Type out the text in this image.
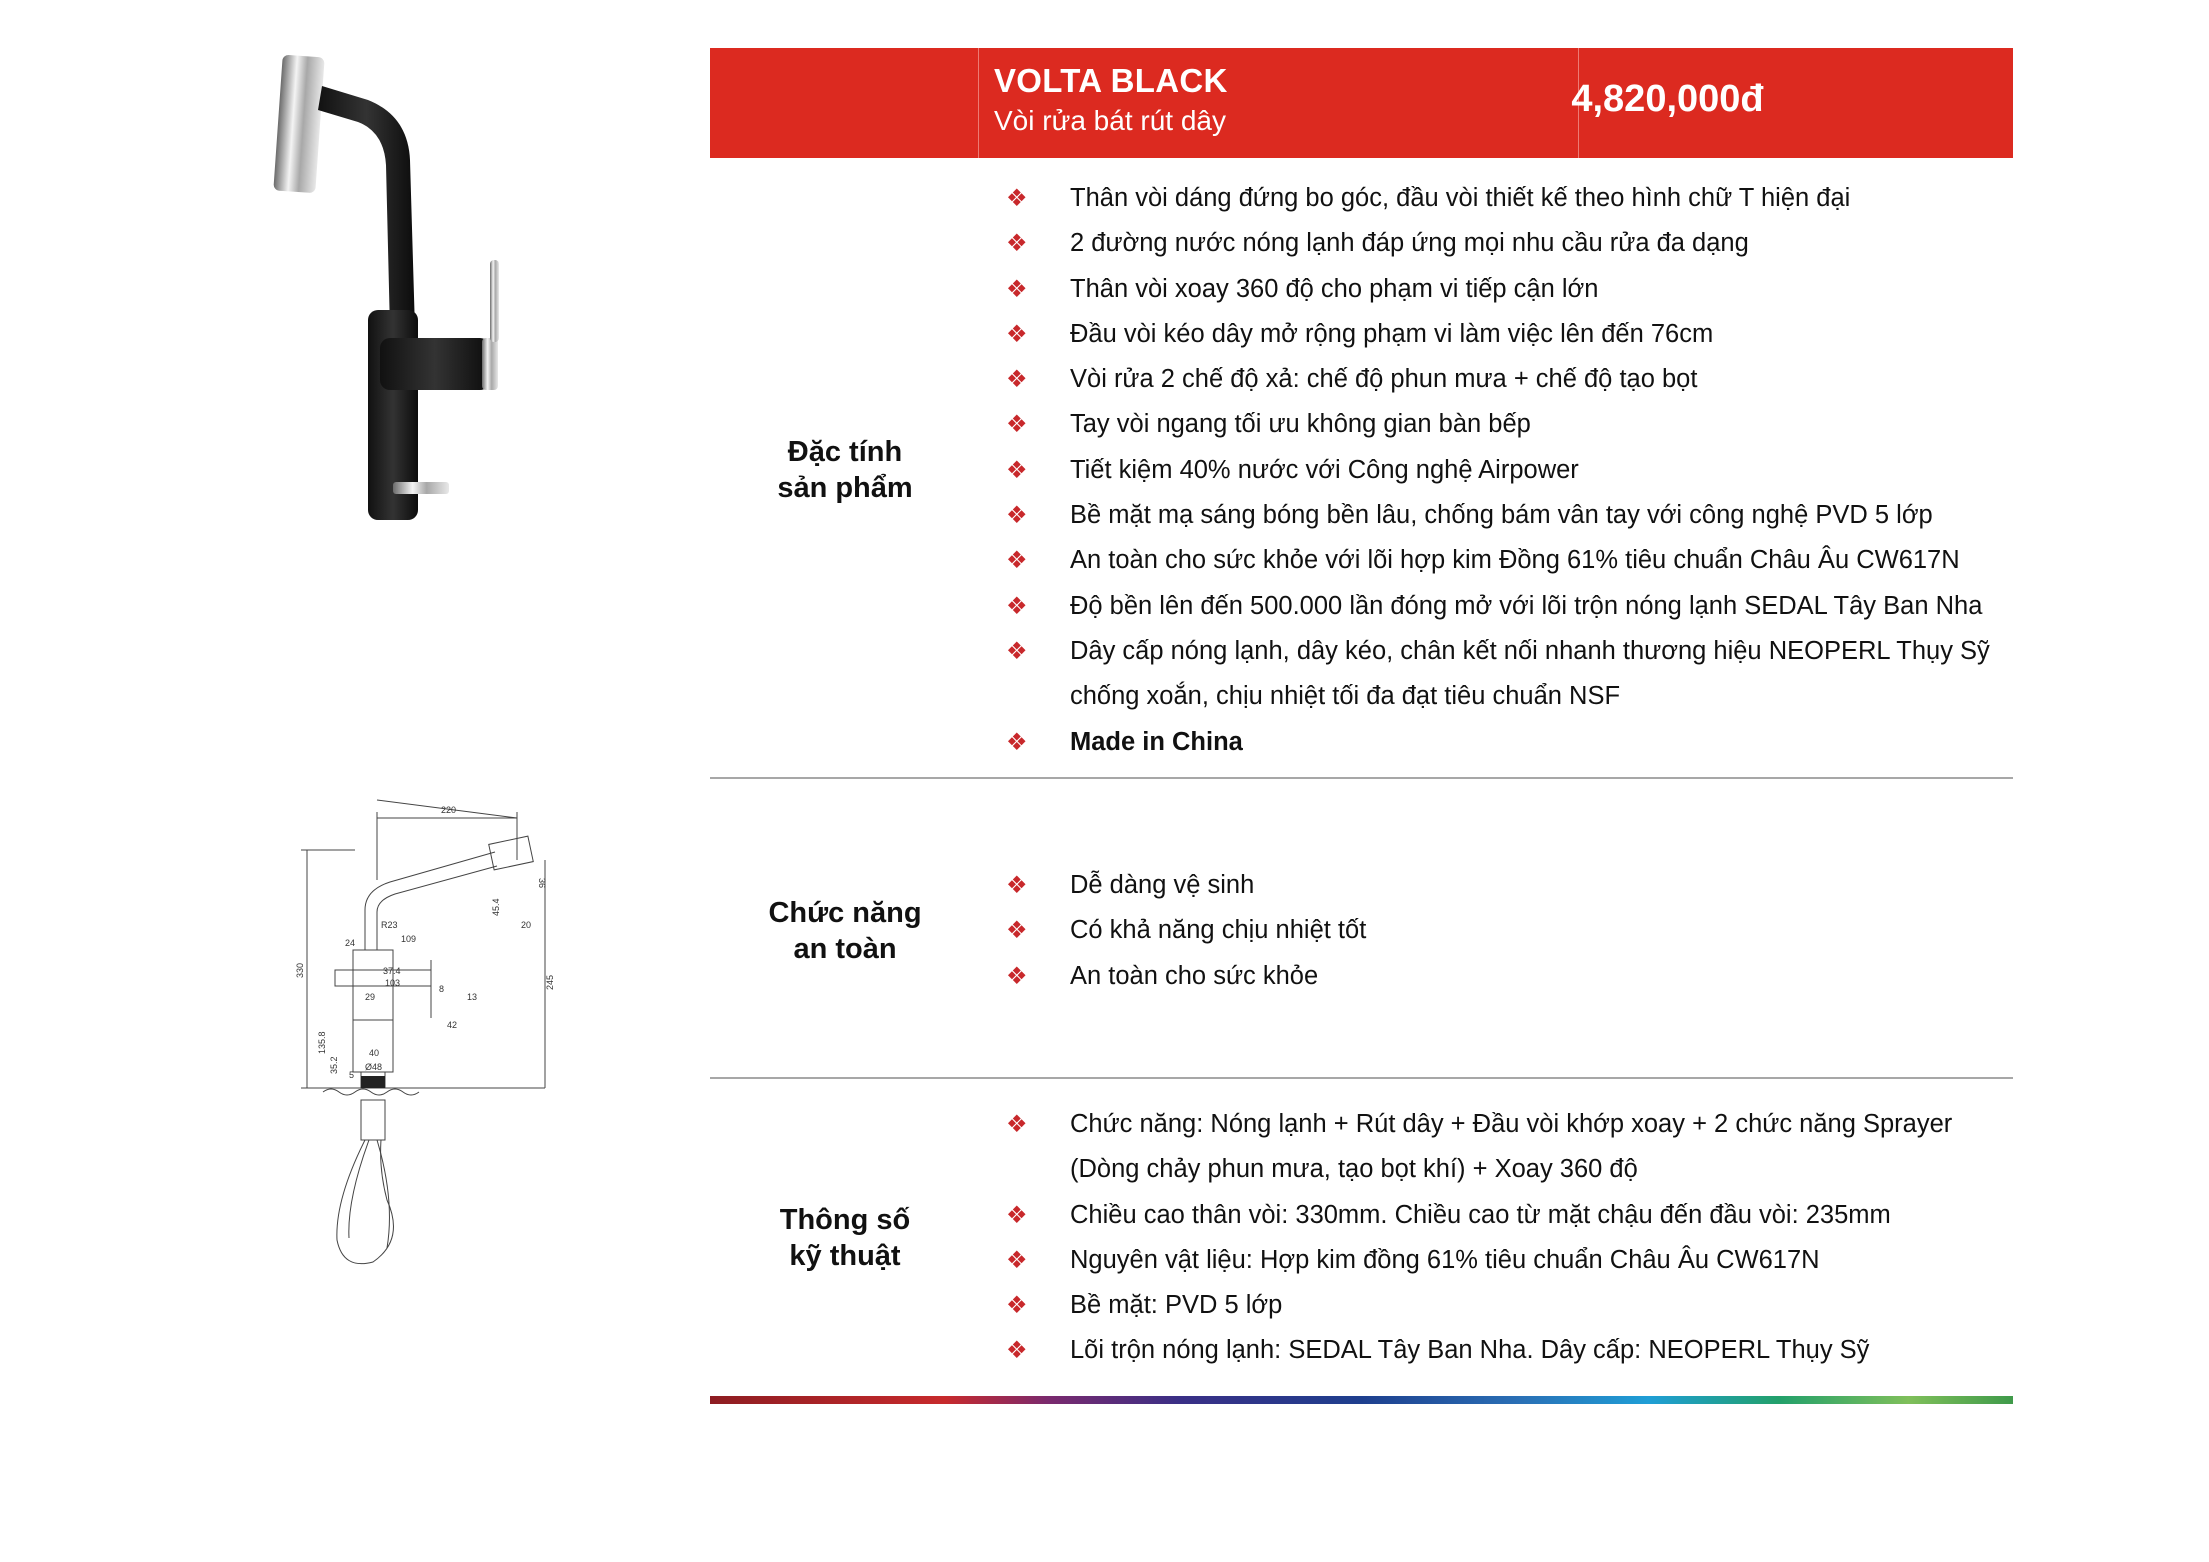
220
330
245
24
R23
109
37.4
103
29
8
42
13
135.8	40
35.2
5
Ø48
45.4
20
36
VOLTA BLACK
Vòi rửa bát rút dây
4,820,000đ
Đặc tính
sản phẩm
❖ Thân vòi dáng đứng bo góc, đầu vòi thiết kế theo hình chữ T hiện đại
❖ 2 đường nước nóng lạnh đáp ứng mọi nhu cầu rửa đa dạng
❖ Thân vòi xoay 360 độ cho phạm vi tiếp cận lớn
❖ Đầu vòi kéo dây mở rộng phạm vi làm việc lên đến 76cm
❖ Vòi rửa 2 chế độ xả: chế độ phun mưa + chế độ tạo bọt
❖ Tay vòi ngang tối ưu không gian bàn bếp
❖ Tiết kiệm 40% nước với Công nghệ Airpower
❖ Bề mặt mạ sáng bóng bền lâu, chống bám vân tay với công nghệ PVD 5 lớp
❖ An toàn cho sức khỏe với lõi hợp kim Đồng 61% tiêu chuẩn Châu Âu CW617N
❖ Độ bền lên đến 500.000 lần đóng mở với lõi trộn nóng lạnh SEDAL Tây Ban Nha
❖ Dây cấp nóng lạnh, dây kéo, chân kết nối nhanh thương hiệu NEOPERL Thụy Sỹ
chống xoắn, chịu nhiệt tối đa đạt tiêu chuẩn NSF
❖ Made in China
Chức năng
an toàn
❖ Dễ dàng vệ sinh
❖ Có khả năng chịu nhiệt tốt
❖ An toàn cho sức khỏe
Thông số
kỹ thuật
❖ Chức năng: Nóng lạnh + Rút dây + Đầu vòi khớp xoay + 2 chức năng Sprayer
(Dòng chảy phun mưa, tạo bọt khí) + Xoay 360 độ
❖ Chiều cao thân vòi: 330mm. Chiều cao từ mặt chậu đến đầu vòi: 235mm
❖ Nguyên vật liệu: Hợp kim đồng 61% tiêu chuẩn Châu Âu CW617N
❖ Bề mặt: PVD 5 lớp
❖ Lõi trộn nóng lạnh: SEDAL Tây Ban Nha. Dây cấp: NEOPERL Thụy Sỹ
